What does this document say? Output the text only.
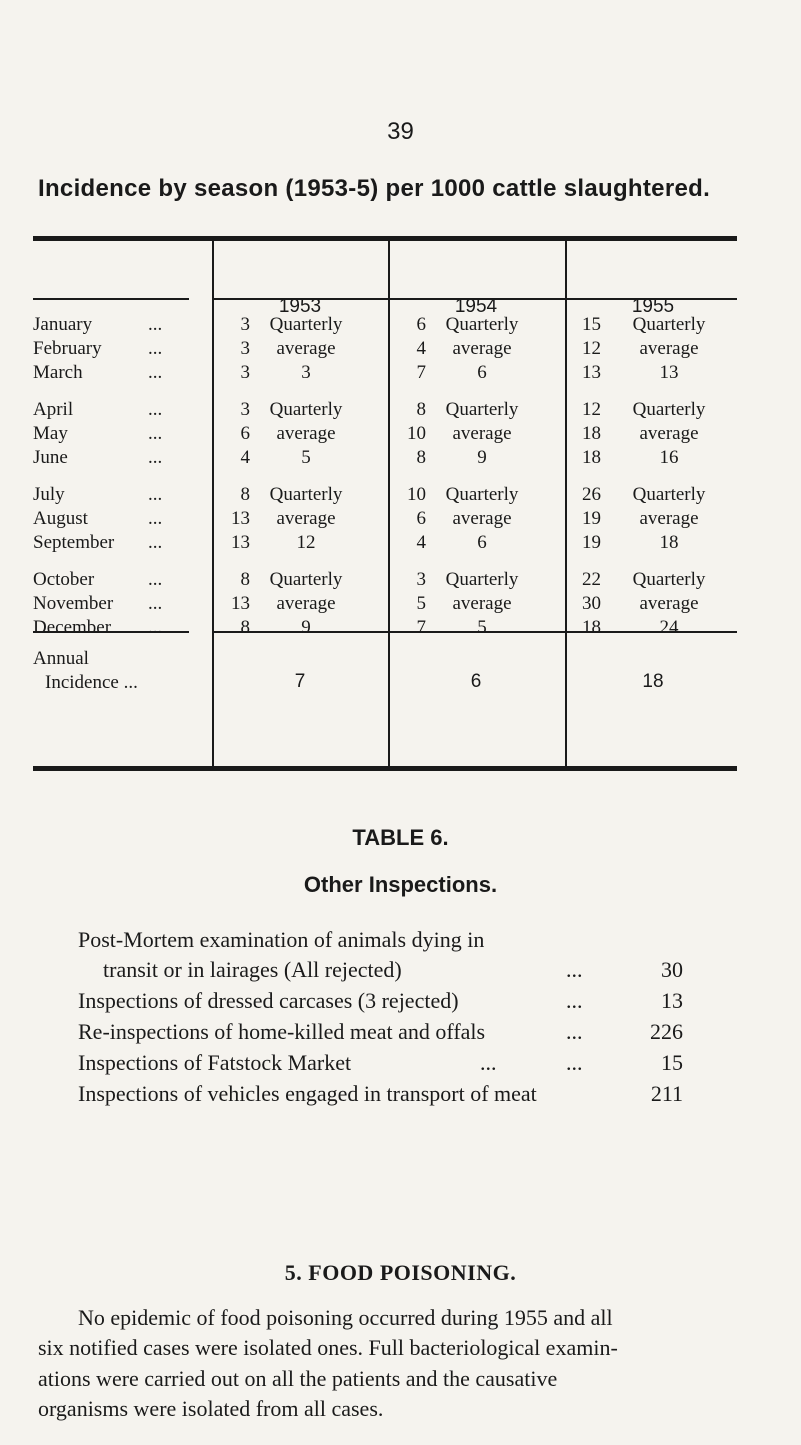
39
Incidence by season (1953-5) per 1000 cattle slaughtered.
1953	1954	1955
January	...	3	Quarterly	6	Quarterly	15	Quarterly
February ...	3	average	4	average	12	average
March	...	3	3	7	6	13	13
April	...	3	Quarterly	8	Quarterly	12	Quarterly
May	...	6	average	10	average	18	average
June	...	4	5	8	9	18	16
July	...	8	Quarterly	10	Quarterly	26	Quarterly
August	...	13	average	6	average	19	average
September ...	13	12	4	6	19	18
October	...	8	Quarterly	3	Quarterly	22	Quarterly
November ...	13	average	5	average	30	average
December ...	8	9	7	5	18	24
Annual
Incidence ...	7	6	18
TABLE 6.
Other Inspections.
Post-Mortem examination of animals dying in
transit or in lairages (All rejected)	...	30
Inspections of dressed carcases (3 rejected)	...	13
Re-inspections of home-killed meat and offals	...	226
Inspections of Fatstock Market	...	...	15
Inspections of vehicles engaged in transport of meat	211
5. FOOD POISONING.
No epidemic of food poisoning occurred during 1955 and all
six notified cases were isolated ones. Full bacteriological examin-
ations were carried out on all the patients and the causative
organisms were isolated from all cases.
